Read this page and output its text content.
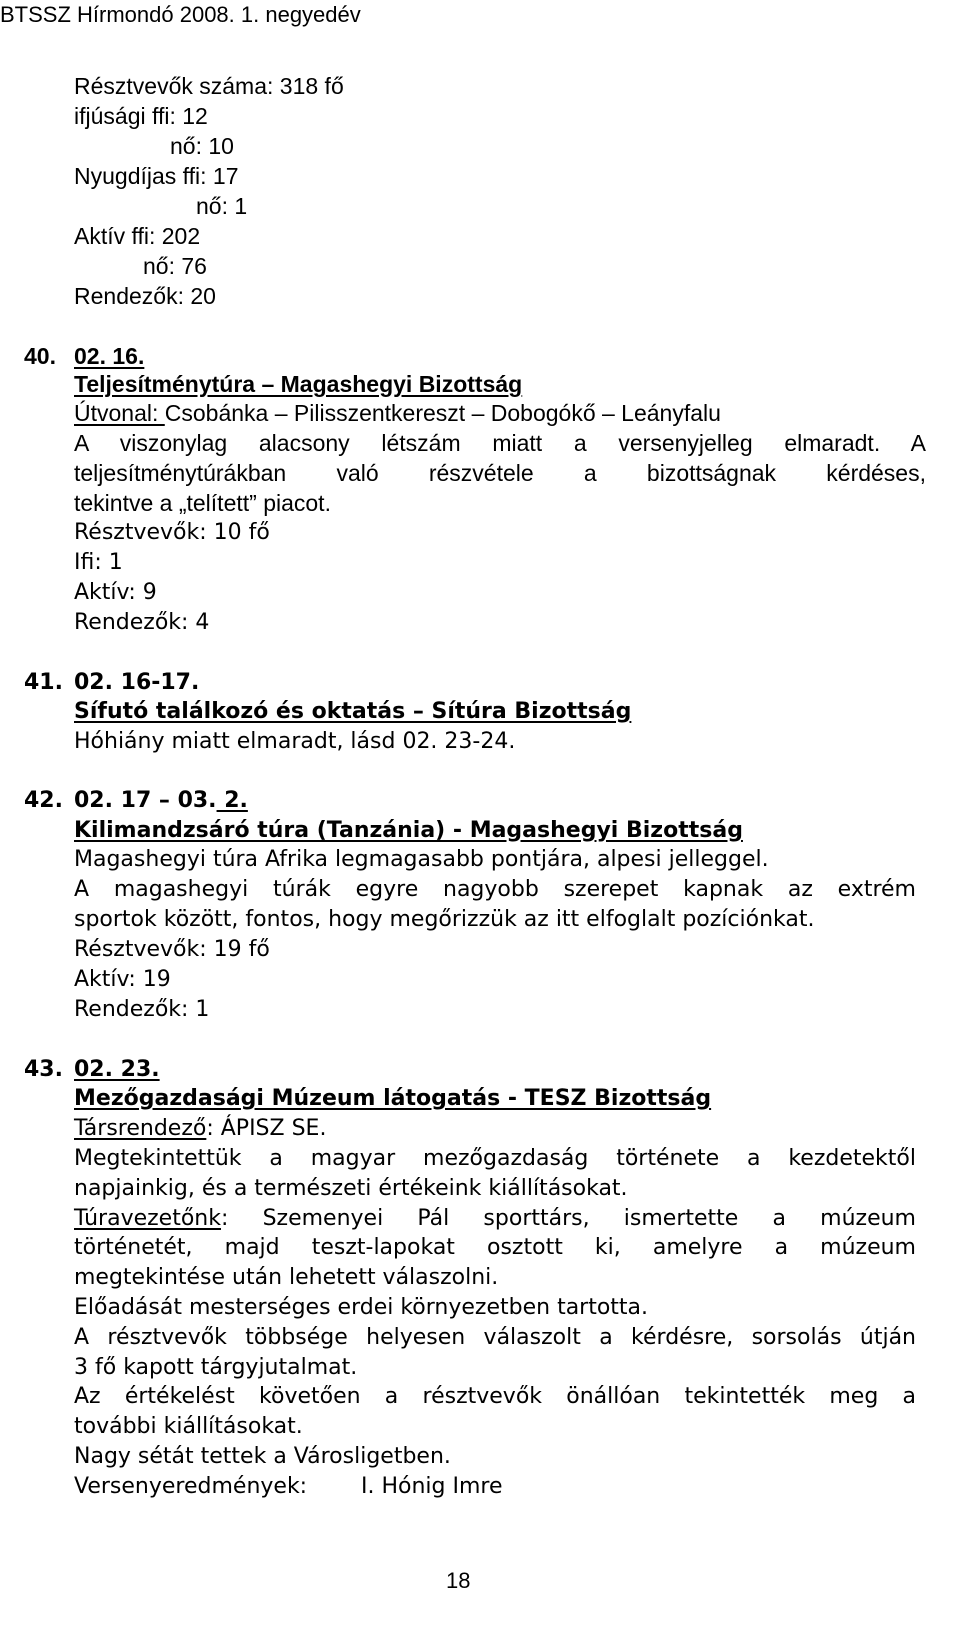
BTSSZ Hírmondó 2008. 1. negyedév
Résztvevők száma: 318 fő
ifjúsági ffi: 12
nő: 10
Nyugdíjas ffi: 17
nő: 1
Aktív ffi: 202
nő: 76
Rendezők: 20
40. 02. 16.
Teljesítménytúra – Magashegyi Bizottság
Útvonal: Csobánka – Pilisszentkereszt – Dobogókő – Leányfalu
A viszonylag alacsony létszám miatt a versenyjelleg elmaradt. A
teljesítménytúrákban való részvétele a bizottságnak kérdéses,
tekintve a „telített” piacot.
Résztvevők: 10 fő
Ifi: 1
Aktív: 9
Rendezők: 4
41. 02. 16-17.
Sífutó találkozó és oktatás – Sítúra Bizottság
Hóhiány miatt elmaradt, lásd 02. 23-24.
42. 02. 17 – 03. 2.
Kilimandzsáró túra (Tanzánia) - Magashegyi Bizottság
Magashegyi túra Afrika legmagasabb pontjára, alpesi jelleggel.
A magashegyi túrák egyre nagyobb szerepet kapnak az extrém
sportok között, fontos, hogy megőrizzük az itt elfoglalt pozíciónkat.
Résztvevők: 19 fő
Aktív: 19
Rendezők: 1
43. 02. 23.
Mezőgazdasági Múzeum látogatás - TESZ Bizottság
Társrendező: ÁPISZ SE.
Megtekintettük a magyar mezőgazdaság története a kezdetektől
napjainkig, és a természeti értékeink kiállításokat.
Túravezetőnk: Szemenyei Pál sporttárs, ismertette a múzeum
történetét, majd teszt-lapokat osztott ki, amelyre a múzeum
megtekintése után lehetett válaszolni.
Előadását mesterséges erdei környezetben tartotta.
A résztvevők többsége helyesen válaszolt a kérdésre, sorsolás útján
3 fő kapott tárgyjutalmat.
Az értékelést követően a résztvevők önállóan tekintették meg a
további kiállításokat.
Nagy sétát tettek a Városligetben.
Versenyeredmények: I. Hónig Imre
18
